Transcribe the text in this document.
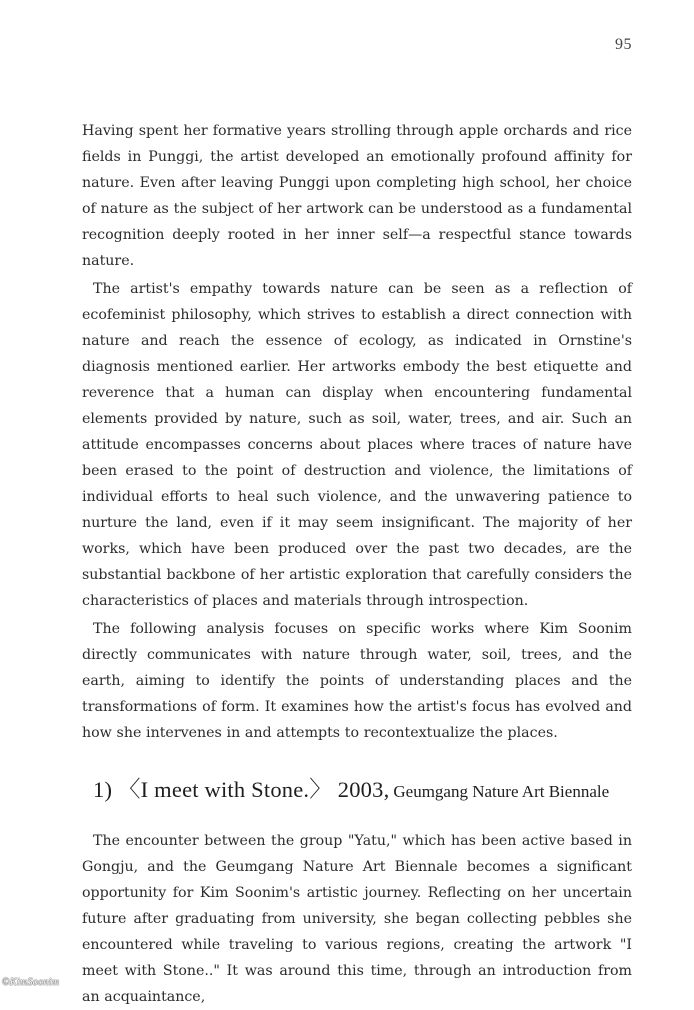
95

Having spent her formative years strolling through apple orchards and rice fields in Punggi, the artist developed an emotionally profound affinity for nature. Even after leaving Punggi upon completing high school, her choice of nature as the subject of her artwork can be understood as a fundamental recognition deeply rooted in her inner self—a respectful stance towards nature.

The artist's empathy towards nature can be seen as a reflection of ecofeminist philosophy, which strives to establish a direct connection with nature and reach the essence of ecology, as indicated in Ornstine's diagnosis mentioned earlier. Her artworks embody the best etiquette and reverence that a human can display when encountering fundamental elements provided by nature, such as soil, water, trees, and air. Such an attitude encompasses concerns about places where traces of nature have been erased to the point of destruction and violence, the limitations of individual efforts to heal such violence, and the unwavering patience to nurture the land, even if it may seem insignificant. The majority of her works, which have been produced over the past two decades, are the substantial backbone of her artistic exploration that carefully considers the characteristics of places and materials through introspection.

The following analysis focuses on specific works where Kim Soonim directly communicates with nature through water, soil, trees, and the earth, aiming to identify the points of understanding places and the transformations of form. It examines how the artist's focus has evolved and how she intervenes in and attempts to recontextualize the places.

1) 〈I meet with Stone.〉 2003, Geumgang Nature Art Biennale

The encounter between the group "Yatu," which has been active based in Gongju, and the Geumgang Nature Art Biennale becomes a significant opportunity for Kim Soonim's artistic journey. Reflecting on her uncertain future after graduating from university, she began collecting pebbles she encountered while traveling to various regions, creating the artwork "I meet with Stone.." It was around this time, through an introduction from an acquaintance,

©KimSoonim
